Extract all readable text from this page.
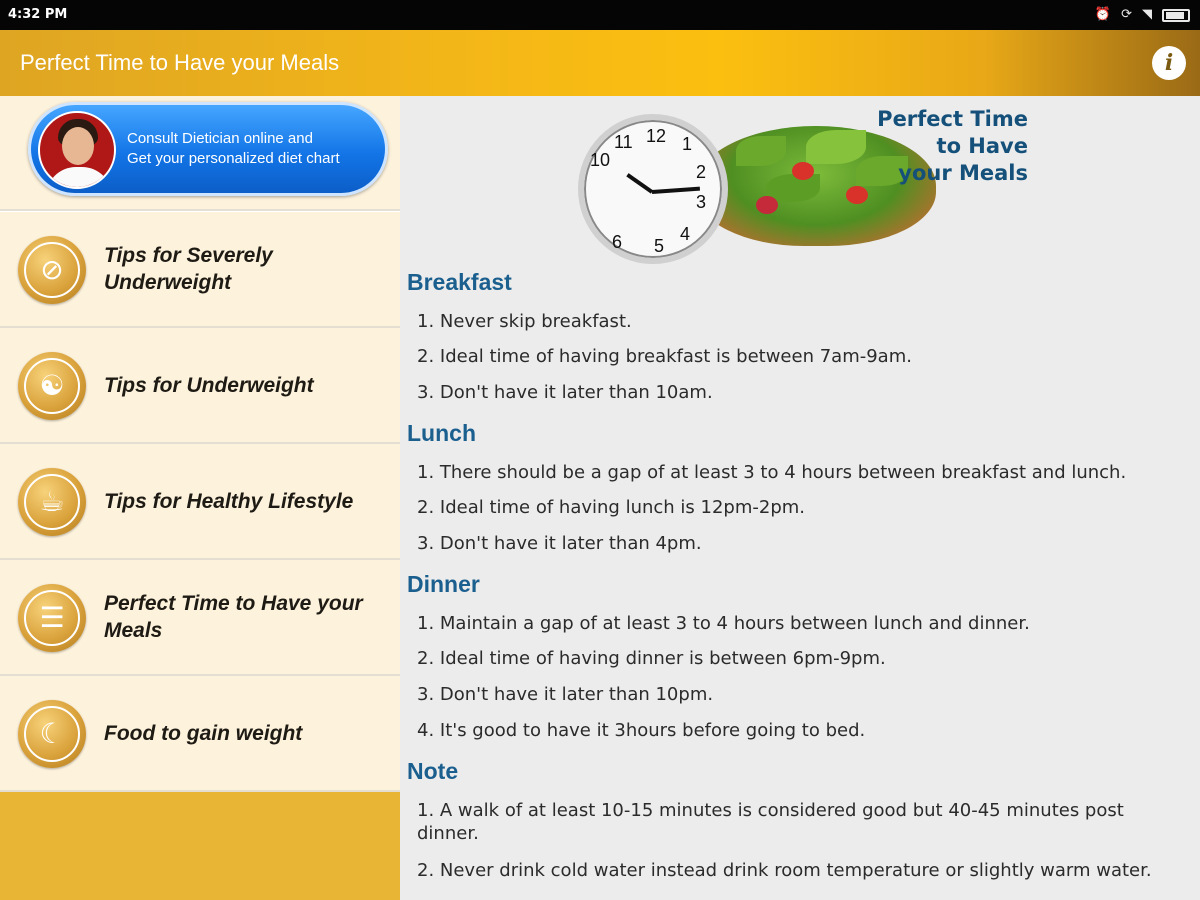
4:32 PM	⏰ ⟳ ◥
Perfect Time to Have your Meals	i
Consult Dietician online and
Get your personalized diet chart
⊘	Tips for Severely Underweight
☯	Tips for Underweight
☕	Tips for Healthy Lifestyle
☰	Perfect Time to Have your Meals
☾	Food to gain weight
10
11 12 1
2
3
4
5
6
Perfect Time
to Have
your Meals
Breakfast
1. Never skip breakfast.
2. Ideal time of having breakfast is between 7am-9am.
3. Don't have it later than 10am.
Lunch
1. There should be a gap of at least 3 to 4 hours between breakfast and lunch.
2. Ideal time of having lunch is 12pm-2pm.
3. Don't have it later than 4pm.
Dinner
1. Maintain a gap of at least 3 to 4 hours between lunch and dinner.
2. Ideal time of having dinner is between 6pm-9pm.
3. Don't have it later than 10pm.
4. It's good to have it 3hours before going to bed.
Note
1. A walk of at least 10-15 minutes is considered good but 40-45 minutes post dinner.
2. Never drink cold water instead drink room temperature or slightly warm water.
